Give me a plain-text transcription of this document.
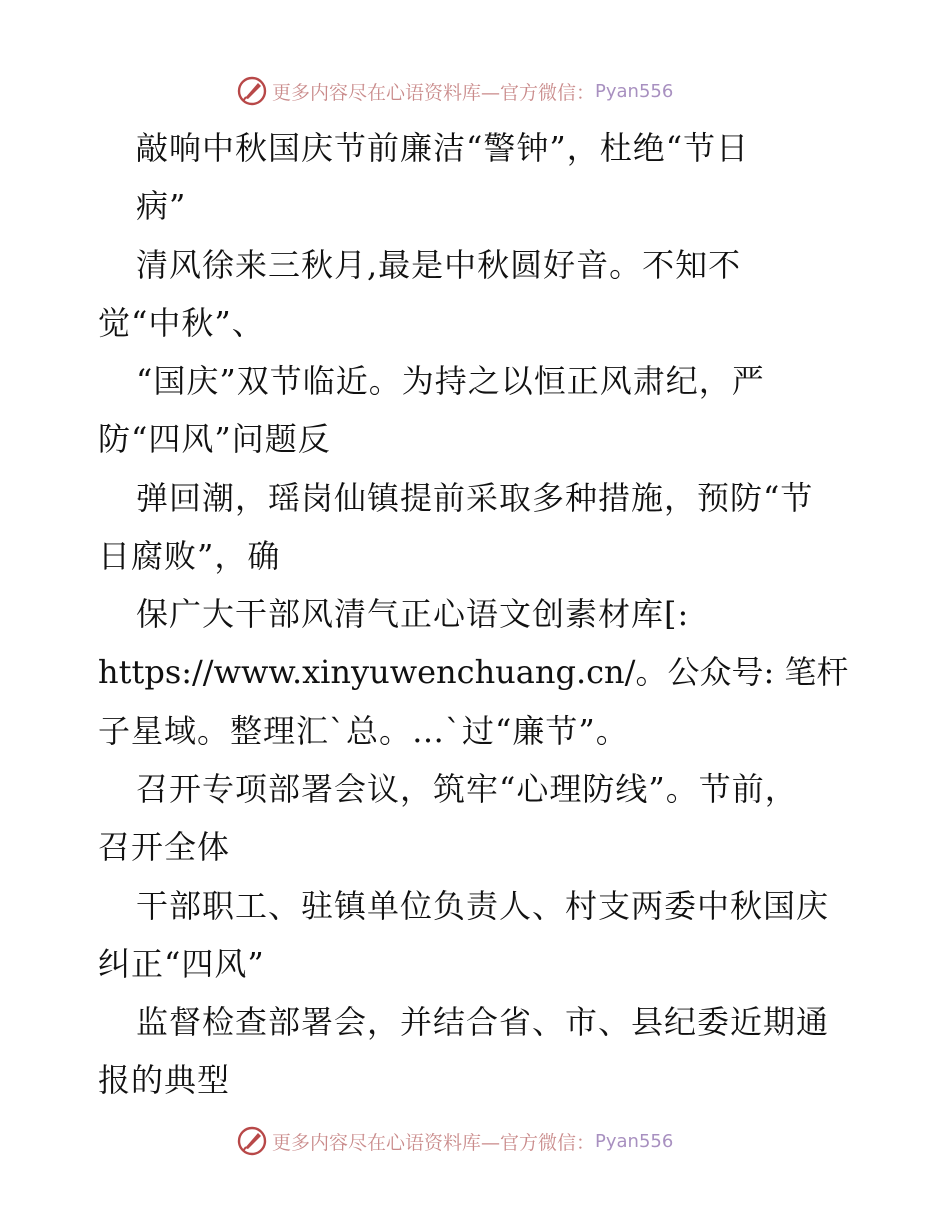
更多内容尽在心语资料库—官方微信： Pyan556
敲响中秋国庆节前廉洁“警钟”，杜绝“节日
病”
清风徐来三秋月,最是中秋圆好音。不知不
觉“中秋”、
“国庆”双节临近。为持之以恒正风肃纪，严
防“四风”问题反
弹回潮，瑶岗仙镇提前采取多种措施，预防“节
日腐败”，确
保广大干部风清气正心语文创素材库[:
https://www.xinyuwenchuang.cn/。公众号: 笔杆
子星域。整理汇`总。…`过“廉节”。
召开专项部署会议，筑牢“心理防线”。节前，
召开全体
干部职工、驻镇单位负责人、村支两委中秋国庆
纠正“四风”
监督检查部署会，并结合省、市、县纪委近期通
报的典型
更多内容尽在心语资料库—官方微信： Pyan556
